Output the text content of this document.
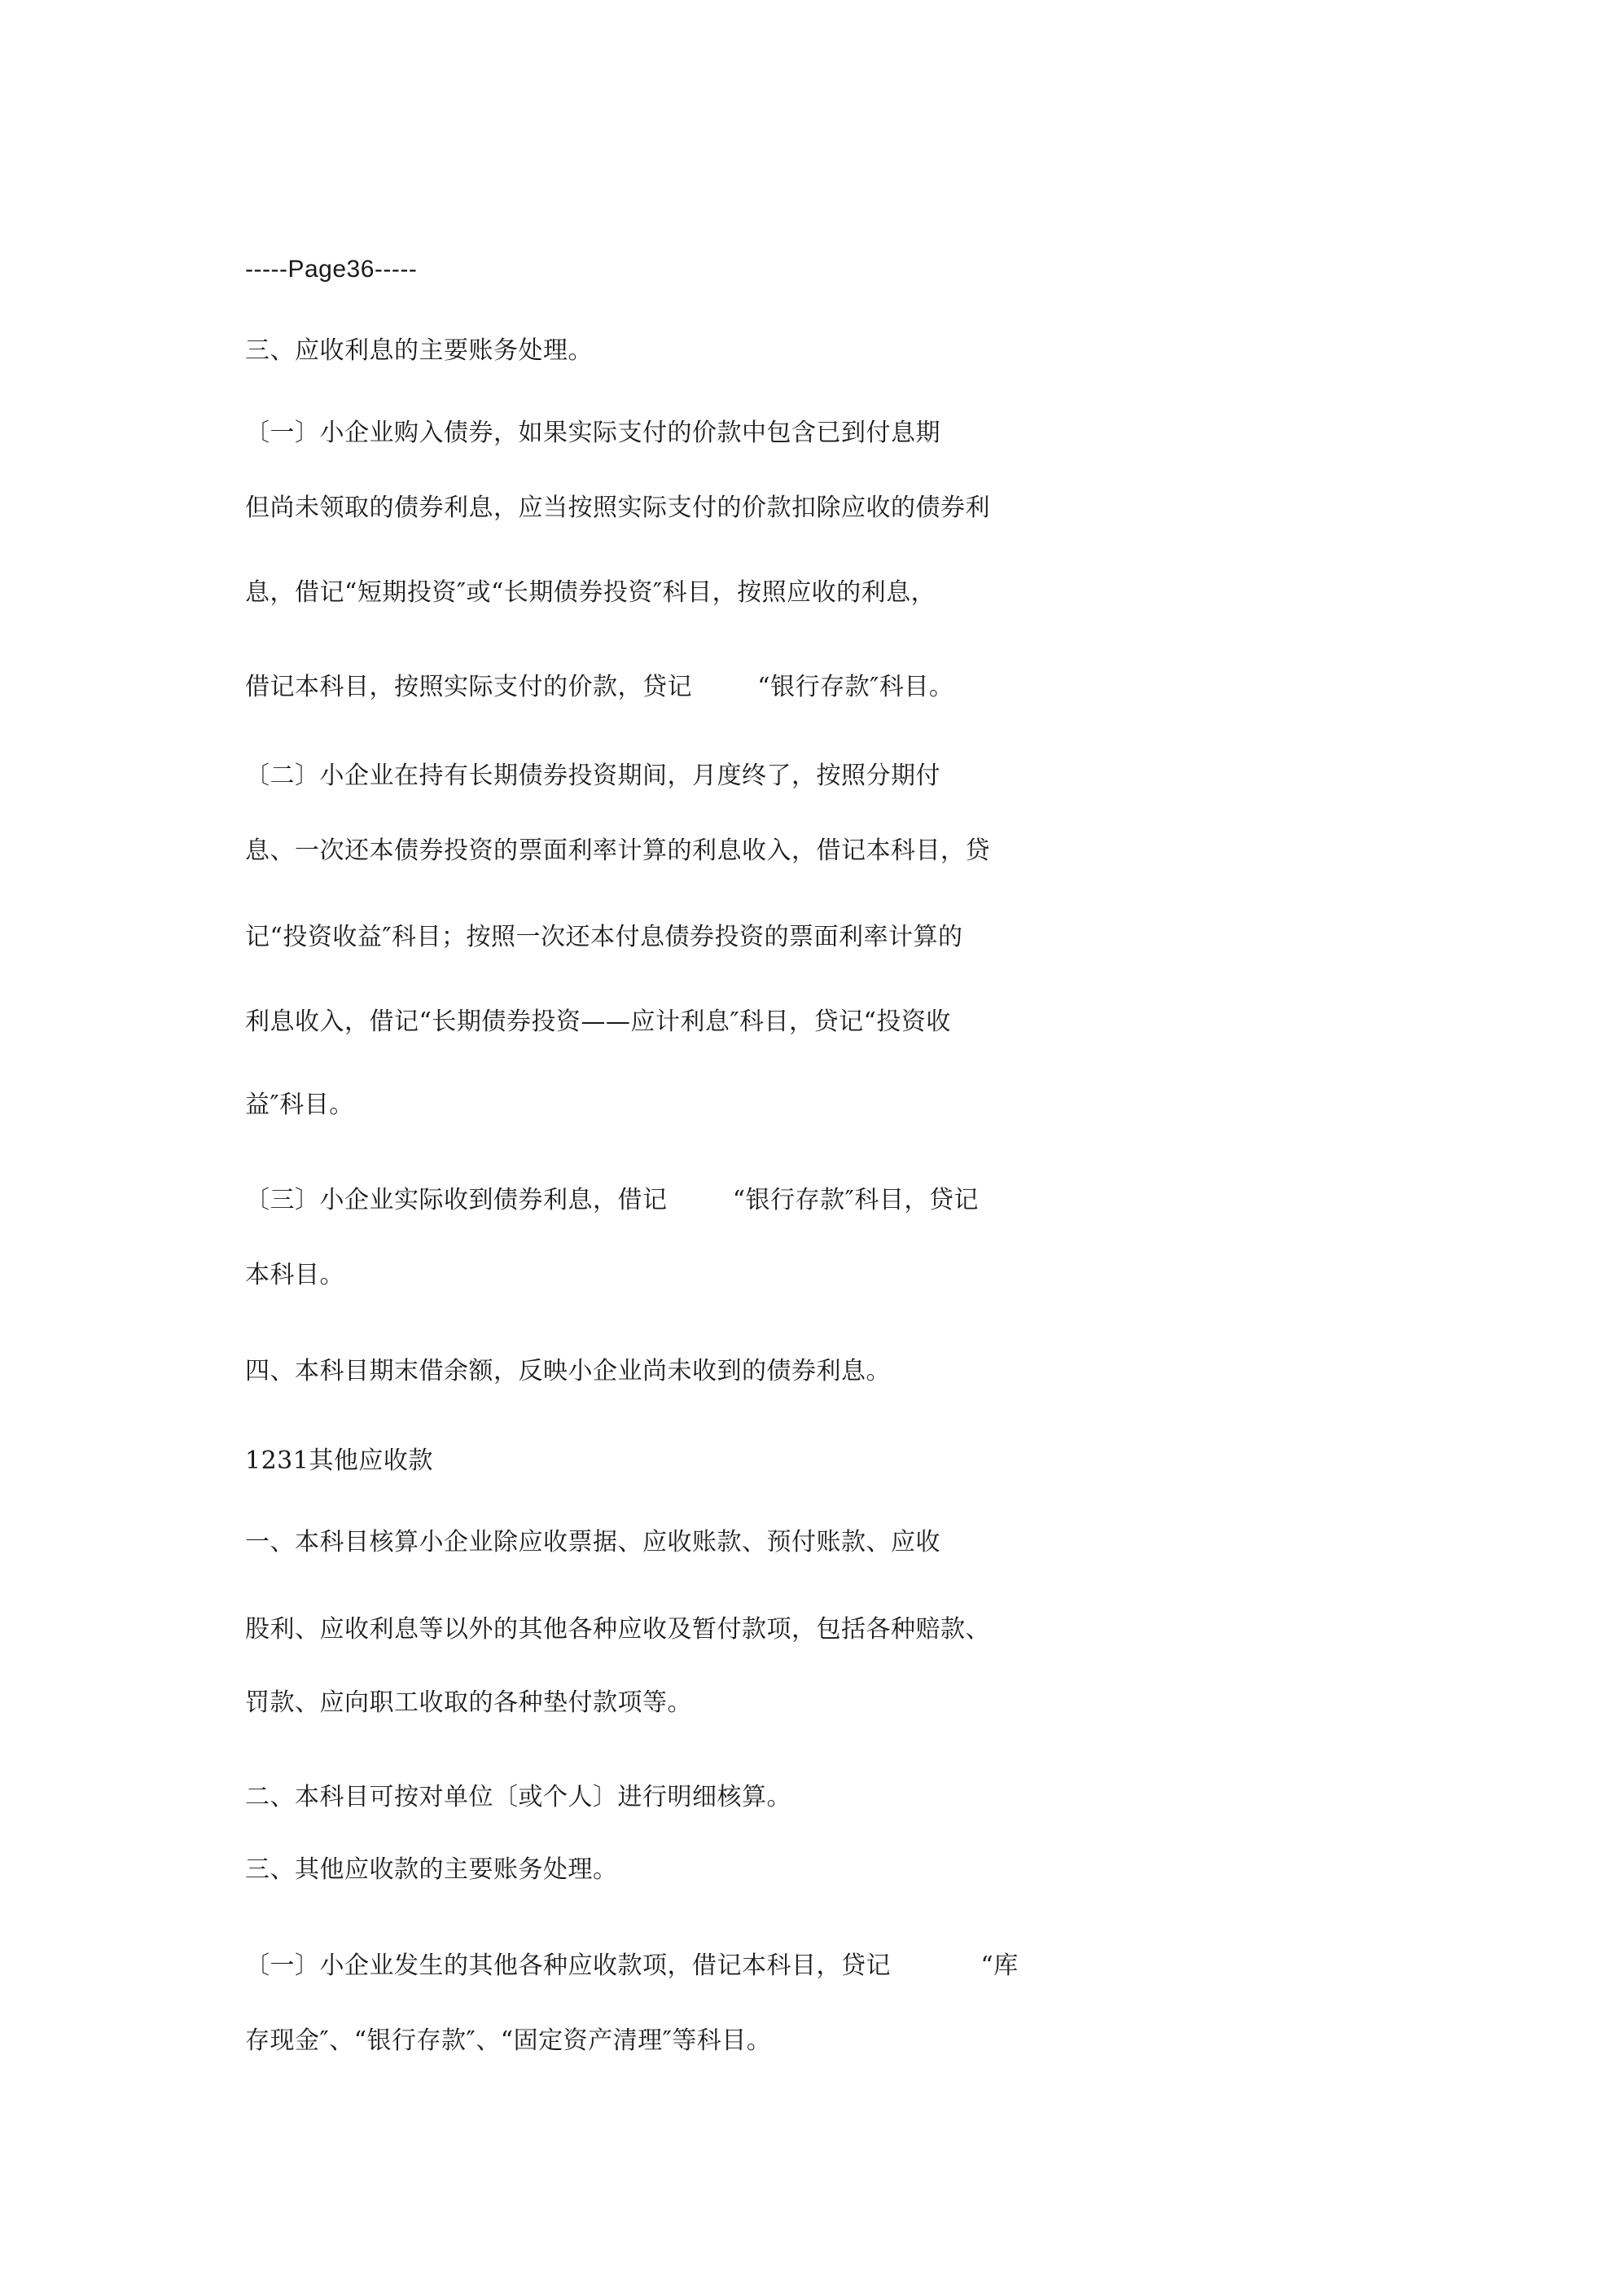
-----Page36-----
三、应收利息的主要账务处理。
〔一〕小企业购入债券，如果实际支付的价款中包含已到付息期
但尚未领取的债券利息，应当按照实际支付的价款扣除应收的债券利
息，借记“短期投资″或“长期债券投资″科目，按照应收的利息，
借记本科目，按照实际支付的价款，贷记        “银行存款″科目。
〔二〕小企业在持有长期债券投资期间，月度终了，按照分期付
息、一次还本债券投资的票面利率计算的利息收入，借记本科目，贷
记“投资收益″科目；按照一次还本付息债券投资的票面利率计算的
利息收入，借记“长期债券投资——应计利息″科目，贷记“投资收
益″科目。
〔三〕小企业实际收到债券利息，借记        “银行存款″科目，贷记
本科目。
四、本科目期末借余额，反映小企业尚未收到的债券利息。
1231其他应收款
一、本科目核算小企业除应收票据、应收账款、预付账款、应收
股利、应收利息等以外的其他各种应收及暂付款项，包括各种赔款、
罚款、应向职工收取的各种垫付款项等。
二、本科目可按对单位〔或个人〕进行明细核算。
三、其他应收款的主要账务处理。
〔一〕小企业发生的其他各种应收款项，借记本科目，贷记           “库
存现金″、“银行存款″、“固定资产清理″等科目。
